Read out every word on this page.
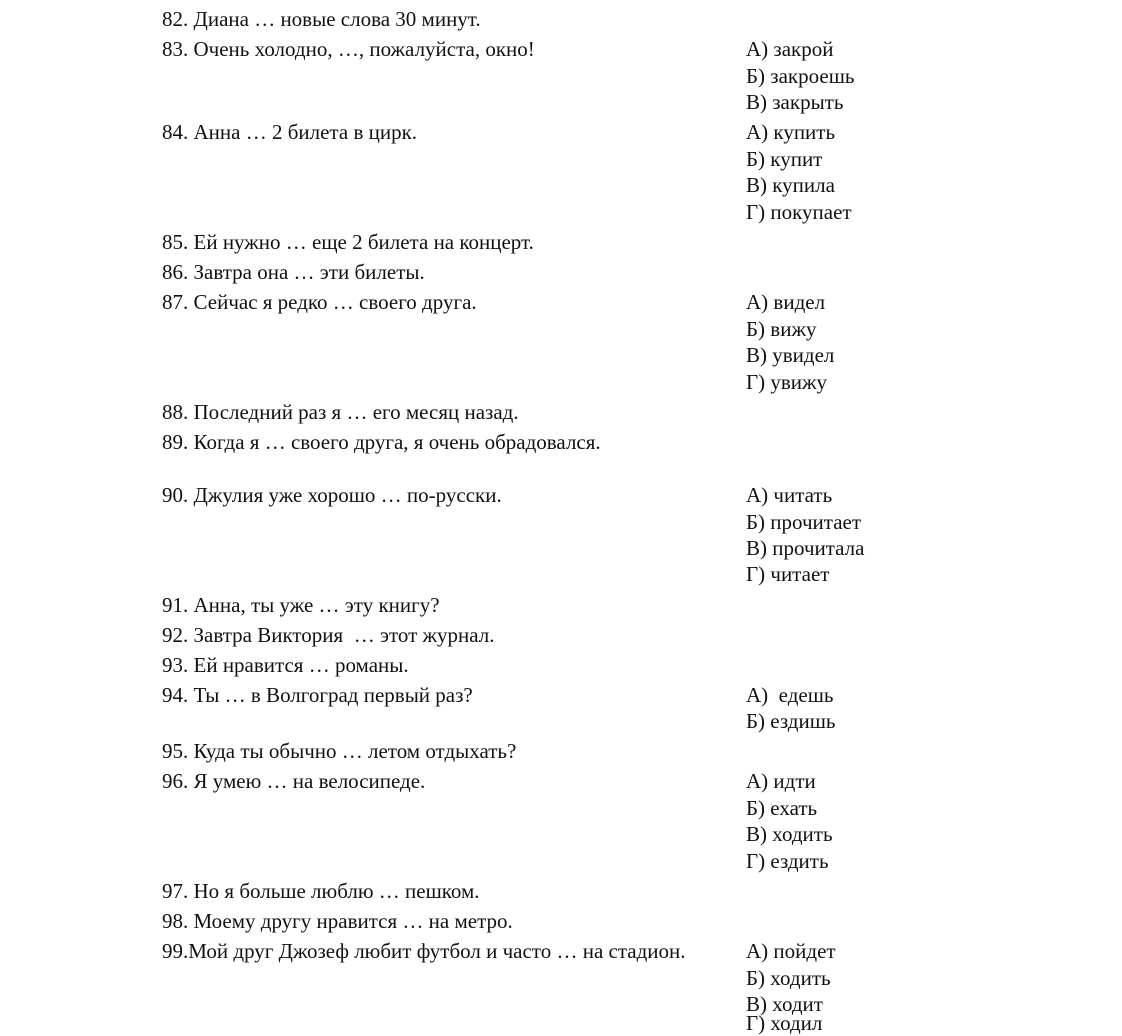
82. Диана … новые слова 30 минут.

83. Очень холодно, …, пожалуйста, окно!	А) закрой

Б) закроешь

В) закрыть

84. Анна … 2 билета в цирк.	А) купить

Б) купит

В) купила

Г) покупает

85. Ей нужно … еще 2 билета на концерт.

86. Завтра она … эти билеты.

87. Сейчас я редко … своего друга.	А) видел

Б) вижу

В) увидел

Г) увижу

88. Последний раз я … его месяц назад.

89. Когда я … своего друга, я очень обрадовался.

90. Джулия уже хорошо … по-русски.	А) читать

Б) прочитает

В) прочитала

Г) читает

91. Анна, ты уже … эту книгу?

92. Завтра Виктория  … этот журнал.

93. Ей нравится … романы.

94. Ты … в Волгоград первый раз?	А)  едешь

Б) ездишь

95. Куда ты обычно … летом отдыхать?

96. Я умею … на велосипеде.	А) идти

Б) ехать

В) ходить

Г) ездить

97. Но я больше люблю … пешком.

98. Моему другу нравится … на метро.

99.Мой друг Джозеф любит футбол и часто … на стадион.	А) пойдет

Б) ходить

В) ходит

Г) ходил
